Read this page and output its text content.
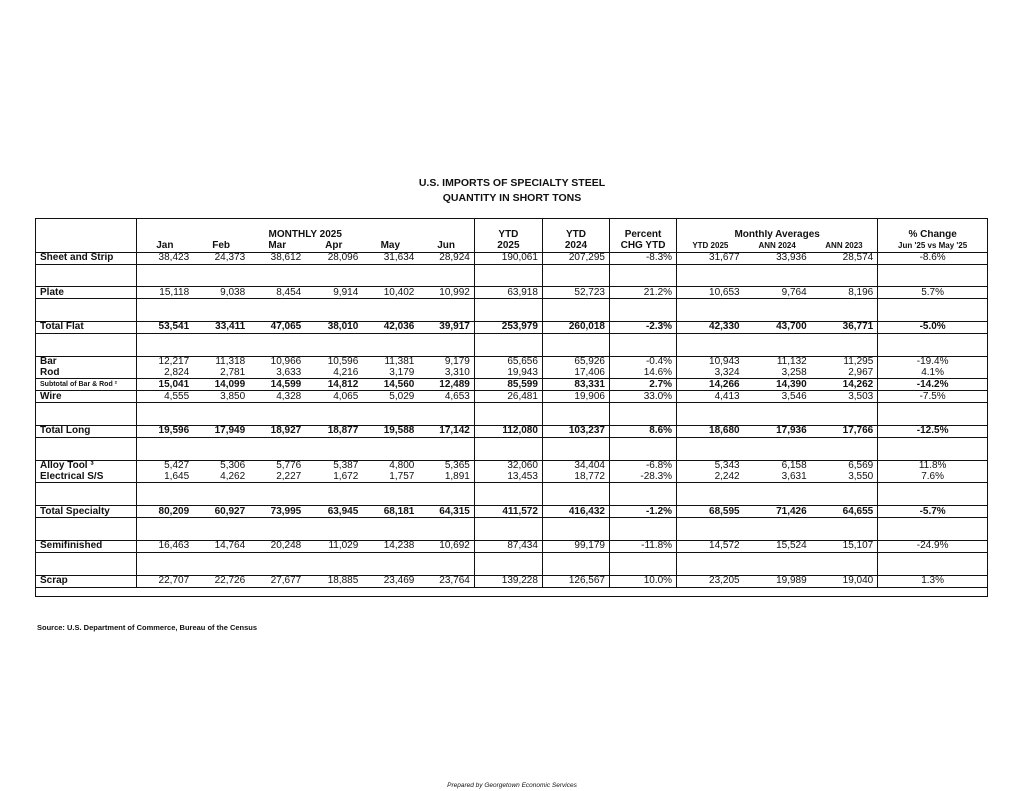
U.S. IMPORTS OF SPECIALTY STEEL
QUANTITY IN SHORT TONS

	MONTHLY 2025						YTD	YTD	Percent	Monthly Averages			% Change
	Jan	Feb	Mar	Apr	May	Jun	2025	2024	CHG YTD	YTD 2025	ANN 2024	ANN 2023	Jun '25 vs May '25
Sheet and Strip	38,423	24,373	38,612	28,096	31,634	28,924	190,061	207,295	-8.3%	31,677	33,936	28,574	-8.6%

Plate	15,118	9,038	8,454	9,914	10,402	10,992	63,918	52,723	21.2%	10,653	9,764	8,196	5.7%

Total Flat	53,541	33,411	47,065	38,010	42,036	39,917	253,979	260,018	-2.3%	42,330	43,700	36,771	-5.0%

Bar	12,217	11,318	10,966	10,596	11,381	9,179	65,656	65,926	-0.4%	10,943	11,132	11,295	-19.4%
Rod	2,824	2,781	3,633	4,216	3,179	3,310	19,943	17,406	14.6%	3,324	3,258	2,967	4.1%
Subtotal of Bar & Rod ²	15,041	14,099	14,599	14,812	14,560	12,489	85,599	83,331	2.7%	14,266	14,390	14,262	-14.2%
Wire	4,555	3,850	4,328	4,065	5,029	4,653	26,481	19,906	33.0%	4,413	3,546	3,503	-7.5%

Total Long	19,596	17,949	18,927	18,877	19,588	17,142	112,080	103,237	8.6%	18,680	17,936	17,766	-12.5%

Alloy Tool ³	5,427	5,306	5,776	5,387	4,800	5,365	32,060	34,404	-6.8%	5,343	6,158	6,569	11.8%
Electrical S/S	1,645	4,262	2,227	1,672	1,757	1,891	13,453	18,772	-28.3%	2,242	3,631	3,550	7.6%

Total Specialty	80,209	60,927	73,995	63,945	68,181	64,315	411,572	416,432	-1.2%	68,595	71,426	64,655	-5.7%

Semifinished	16,463	14,764	20,248	11,029	14,238	10,692	87,434	99,179	-11.8%	14,572	15,524	15,107	-24.9%

Scrap	22,707	22,726	27,677	18,885	23,469	23,764	139,228	126,567	10.0%	23,205	19,989	19,040	1.3%
Source: U.S. Department of Commerce, Bureau of the Census
Prepared by Georgetown Economic Services
